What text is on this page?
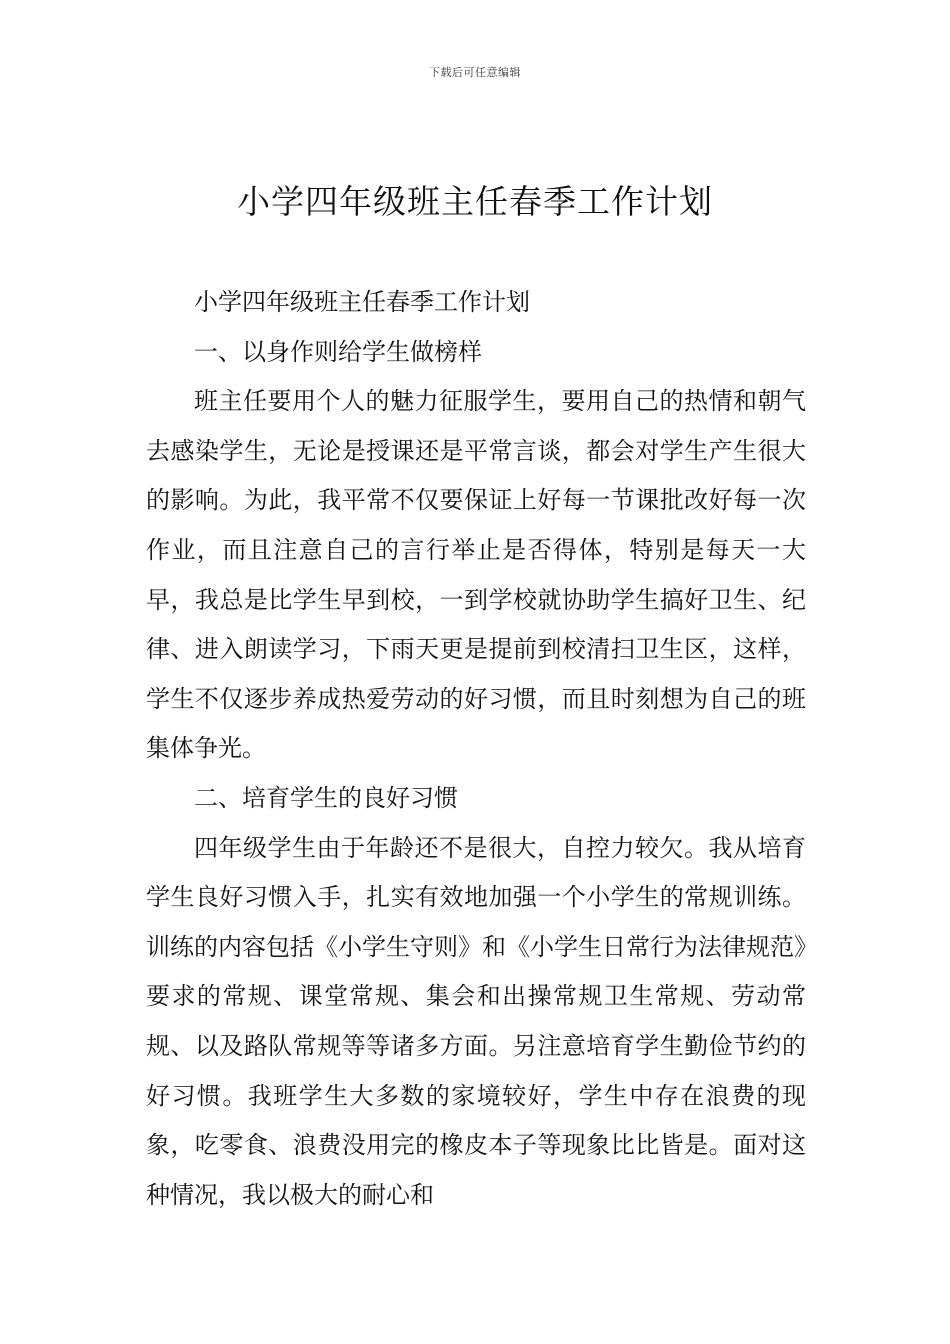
下载后可任意编辑
小学四年级班主任春季工作计划

小学四年级班主任春季工作计划

一、以身作则给学生做榜样

班主任要用个人的魅力征服学生，要用自己的热情和朝气去感染学生，无论是授课还是平常言谈，都会对学生产生很大的影响。为此，我平常不仅要保证上好每一节课批改好每一次作业，而且注意自己的言行举止是否得体，特别是每天一大早，我总是比学生早到校，一到学校就协助学生搞好卫生、纪律、进入朗读学习，下雨天更是提前到校清扫卫生区，这样，学生不仅逐步养成热爱劳动的好习惯，而且时刻想为自己的班集体争光。

二、培育学生的良好习惯

四年级学生由于年龄还不是很大，自控力较欠。我从培育学生良好习惯入手，扎实有效地加强一个小学生的常规训练。训练的内容包括《小学生守则》和《小学生日常行为法律规范》要求的常规、课堂常规、集会和出操常规卫生常规、劳动常规、以及路队常规等等诸多方面。另注意培育学生勤俭节约的好习惯。我班学生大多数的家境较好，学生中存在浪费的现象，吃零食、浪费没用完的橡皮本子等现象比比皆是。面对这种情况，我以极大的耐心和
